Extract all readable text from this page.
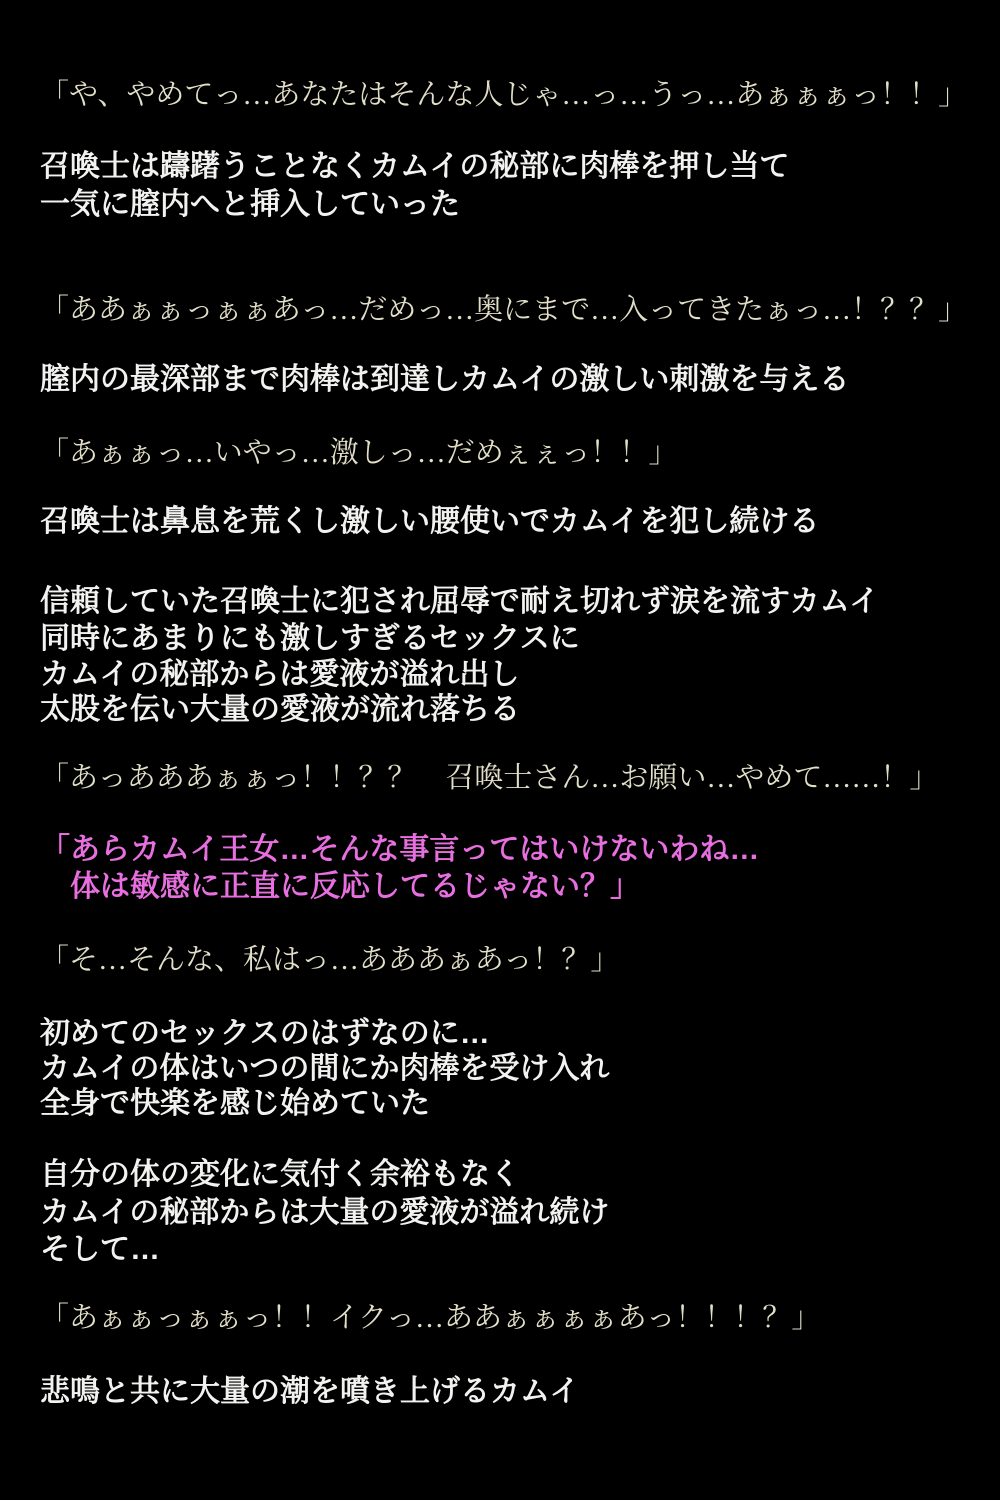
「や、やめてっ…あなたはそんな人じゃ…っ…うっ…あぁぁぁっ！！」
召喚士は躊躇うことなくカムイの秘部に肉棒を押し当て
一気に膣内へと挿入していった
「ああぁぁっぁぁあっ…だめっ…奥にまで…入ってきたぁっ…！？？」
膣内の最深部まで肉棒は到達しカムイの激しい刺激を与える
「あぁぁっ…いやっ…激しっ…だめぇぇっ！！」
召喚士は鼻息を荒くし激しい腰使いでカムイを犯し続ける
信頼していた召喚士に犯され屈辱で耐え切れず涙を流すカムイ
同時にあまりにも激しすぎるセックスに
カムイの秘部からは愛液が溢れ出し
太股を伝い大量の愛液が流れ落ちる
「あっあああぁぁっ！！？？　召喚士さん…お願い…やめて……！」
「あらカムイ王女…そんな事言ってはいけないわね…
　体は敏感に正直に反応してるじゃない？」
「そ…そんな、私はっ…あああぁあっ！？」
初めてのセックスのはずなのに…
カムイの体はいつの間にか肉棒を受け入れ
全身で快楽を感じ始めていた
自分の体の変化に気付く余裕もなく
カムイの秘部からは大量の愛液が溢れ続け
そして…
「あぁぁっぁぁっ！！イクっ…ああぁぁぁぁあっ！！！？」
悲鳴と共に大量の潮を噴き上げるカムイ
